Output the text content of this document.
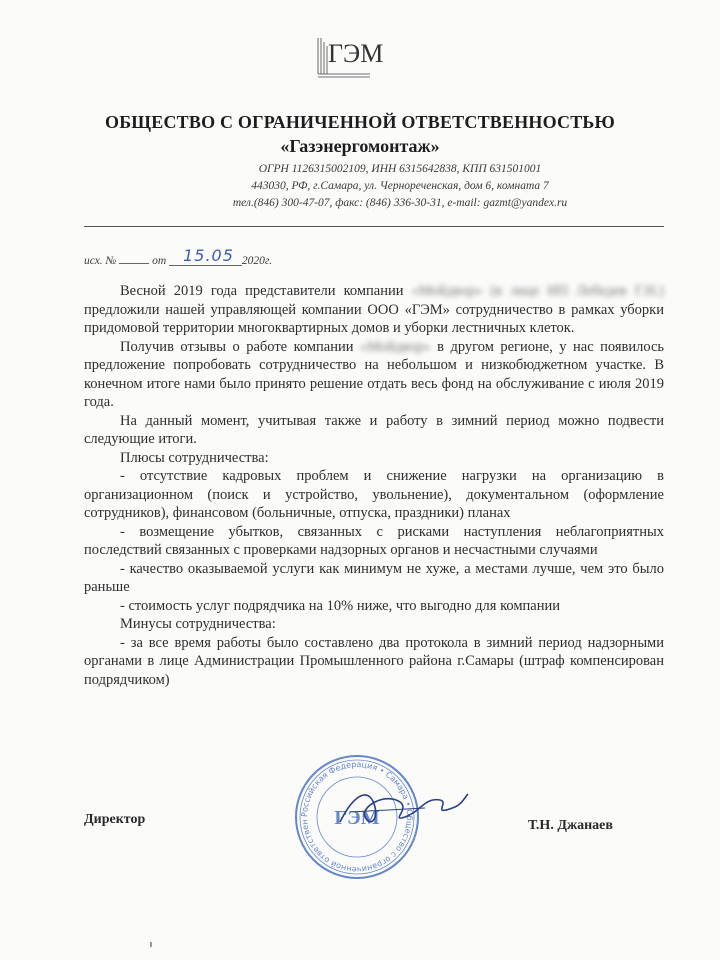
ГЭМ
ОБЩЕСТВО С ОГРАНИЧЕННОЙ ОТВЕТСТВЕННОСТЬЮ
«Газэнергомонтаж»
ОГРН 1126315002109, ИНН 6315642838, КПП 631501001
443030, РФ, г.Самара, ул. Чернореченская, дом 6, комната 7
тел.(846) 300-47-07, факс: (846) 336-30-31, e-mail: gazmt@yandex.ru
исх. №	от 15.05 2020г.

Весной 2019 года представители компании «Мойдвор» (в лице ИП Лебедев Г.Н.) предложили нашей управляющей компании ООО «ГЭМ» сотрудничество в рамках уборки придомовой территории многоквартирных домов и уборки лестничных клеток.

Получив отзывы о работе компании «Мойдвор» в другом регионе, у нас появилось предложение попробовать сотрудничество на небольшом и низкобюджетном участке. В конечном итоге нами было принято решение отдать весь фонд на обслуживание с июля 2019 года.

На данный момент, учитывая также и работу в зимний период можно подвести следующие итоги.

Плюсы сотрудничества:

- отсутствие кадровых проблем и снижение нагрузки на организацию в организационном (поиск и устройство, увольнение), документальном (оформление сотрудников), финансовом (больничные, отпуска, праздники) планах

- возмещение убытков, связанных с рисками наступления неблагоприятных последствий связанных с проверками надзорных органов и несчастными случаями

- качество оказываемой услуги как минимум не хуже, а местами лучше, чем это было раньше

- стоимость услуг подрядчика на 10% ниже, что выгодно для компании

Минусы сотрудничества:

- за все время работы было составлено два протокола в зимний период надзорными органами в лице Администрации Промышленного района г.Самары (штраф компенсирован подрядчиком)

Российская Федерация • Самара • Общество с ограниченной ответствен	ГЭМ
Директор	Т.Н. Джанаев
